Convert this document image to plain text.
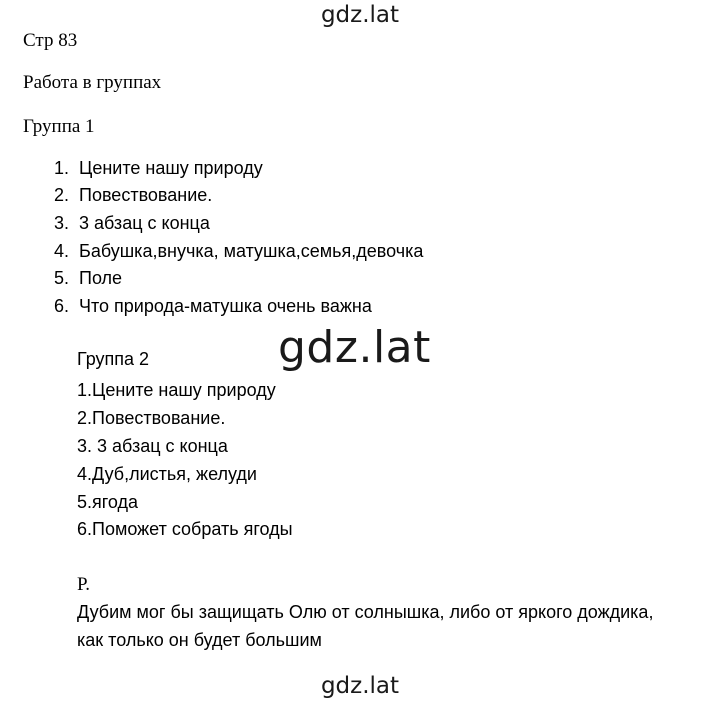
gdz.lat
Стр 83
Работа в группах
Группа 1
1. Цените нашу природу
2. Повествование.
3. 3 абзац с конца
4. Бабушка,внучка, матушка,семья,девочка
5. Поле
6. Что природа-матушка очень важна
gdz.lat
Группа 2
1.Цените нашу природу
2.Повествование.
3. 3 абзац с конца
4.Дуб,листья, желуди
5.ягода
6.Поможет собрать ягоды
Р.
Дубим мог бы защищать Олю от солнышка, либо от яркого дождика,
как только он будет большим
gdz.lat
